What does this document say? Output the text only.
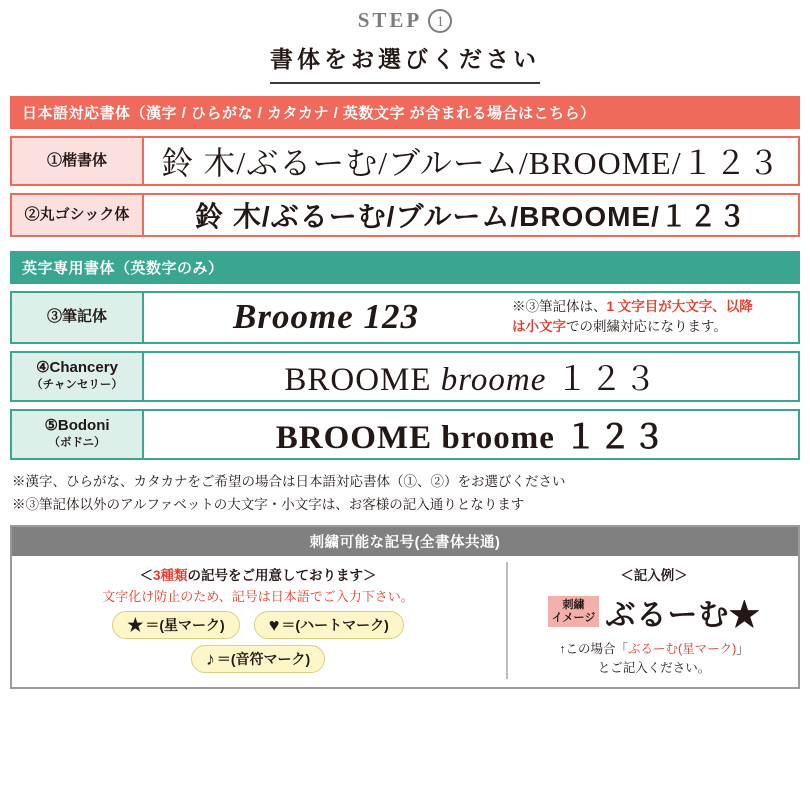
STEP 1
書体をお選びください
日本語対応書体（漢字 / ひらがな / カタカナ / 英数文字 が含まれる場合はこちら）
①楷書体	鈴 木/ぶるーむ/ブルーム/BROOME/１２３
②丸ゴシック体	鈴 木/ぶるーむ/ブルーム/BROOME/１２３
英字専用書体（英数字のみ）
③筆記体	Broome 123	※③筆記体は、1 文字目が大文字、以降
は小文字での刺繍対応になります。
④Chancery
（チャンセリー）	BROOME broome １２３
⑤Bodoni
（ボドニ）	BROOME broome １２３
※漢字、ひらがな、カタカナをご希望の場合は日本語対応書体（①、②）をお選びください
※③筆記体以外のアルファベットの大文字・小文字は、お客様の記入通りとなります
刺繍可能な記号(全書体共通)
＜3種類の記号をご用意しております＞
文字化け防止のため、記号は日本語でご入力下さい。
★ ＝(星マーク) ♥ ＝(ハートマーク)
♪ ＝(音符マーク)
＜記入例＞
刺繍
イメージ ぶるーむ★
↑この場合「ぶるーむ(星マーク)」
とご記入ください。
